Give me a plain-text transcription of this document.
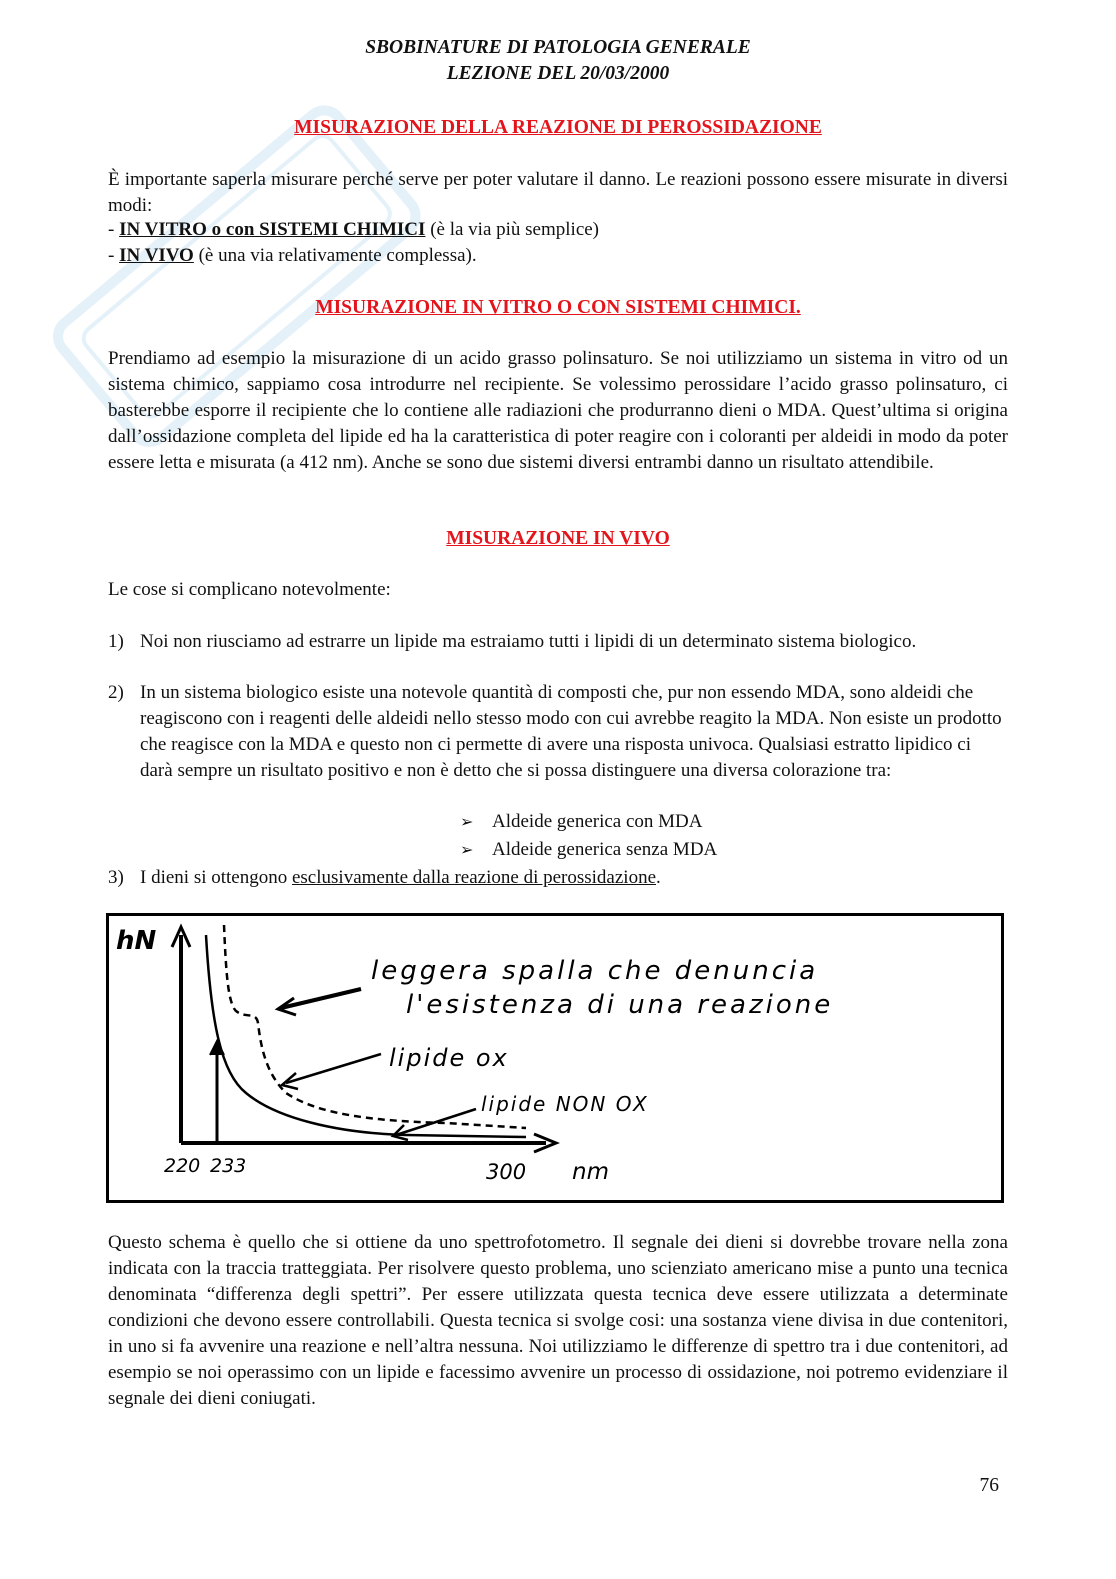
SBOBINATURE DI PATOLOGIA GENERALE
LEZIONE DEL 20/03/2000
MISURAZIONE DELLA REAZIONE DI PEROSSIDAZIONE
È importante saperla misurare perché serve per poter valutare il danno. Le reazioni possono essere misurate in diversi modi:
- IN VITRO o con SISTEMI CHIMICI (è la via più semplice)
- IN VIVO (è una via relativamente complessa).
MISURAZIONE IN VITRO O CON SISTEMI CHIMICI.
Prendiamo ad esempio la misurazione di un acido grasso polinsaturo. Se noi utilizziamo un sistema in vitro od un sistema chimico, sappiamo cosa introdurre nel recipiente. Se volessimo perossidare l’acido grasso polinsaturo, ci basterebbe esporre il recipiente che lo contiene alle radiazioni che produrranno dieni o MDA. Quest’ultima si origina dall’ossidazione completa del lipide ed ha la caratteristica di poter reagire con i coloranti per aldeidi in modo da poter essere letta e misurata (a 412 nm). Anche se sono due sistemi diversi entrambi danno un risultato attendibile.
MISURAZIONE IN VIVO
Le cose si complicano notevolmente:
1) Noi non riusciamo ad estrarre un lipide ma estraiamo tutti i lipidi di un determinato sistema biologico.
2) In un sistema biologico esiste una notevole quantità di composti che, pur non essendo MDA, sono aldeidi che reagiscono con i reagenti delle aldeidi nello stesso modo con cui avrebbe reagito la MDA. Non esiste un prodotto che reagisce con la MDA e questo non ci permette di avere una risposta univoca. Qualsiasi estratto lipidico ci darà sempre un risultato positivo e non è detto che si possa distinguere una diversa colorazione tra:
➢ Aldeide generica con MDA
➢ Aldeide generica senza MDA
3) I dieni si ottengono esclusivamente dalla reazione di perossidazione.
hN
220 233	300 nm
leggera spalla che denuncia
l'esistenza di una reazione
lipide ox
lipide NON OX
Questo schema è quello che si ottiene da uno spettrofotometro. Il segnale dei dieni si dovrebbe trovare nella zona indicata con la traccia tratteggiata. Per risolvere questo problema, uno scienziato americano mise a punto una tecnica denominata “differenza degli spettri”. Per essere utilizzata questa tecnica deve essere utilizzata a determinate condizioni che devono essere controllabili. Questa tecnica si svolge cosi: una sostanza viene divisa in due contenitori, in uno si fa avvenire una reazione e nell’altra nessuna. Noi utilizziamo le differenze di spettro tra i due contenitori, ad esempio se noi operassimo con un lipide e facessimo avvenire un processo di ossidazione, noi potremo evidenziare il segnale dei dieni coniugati.
76
